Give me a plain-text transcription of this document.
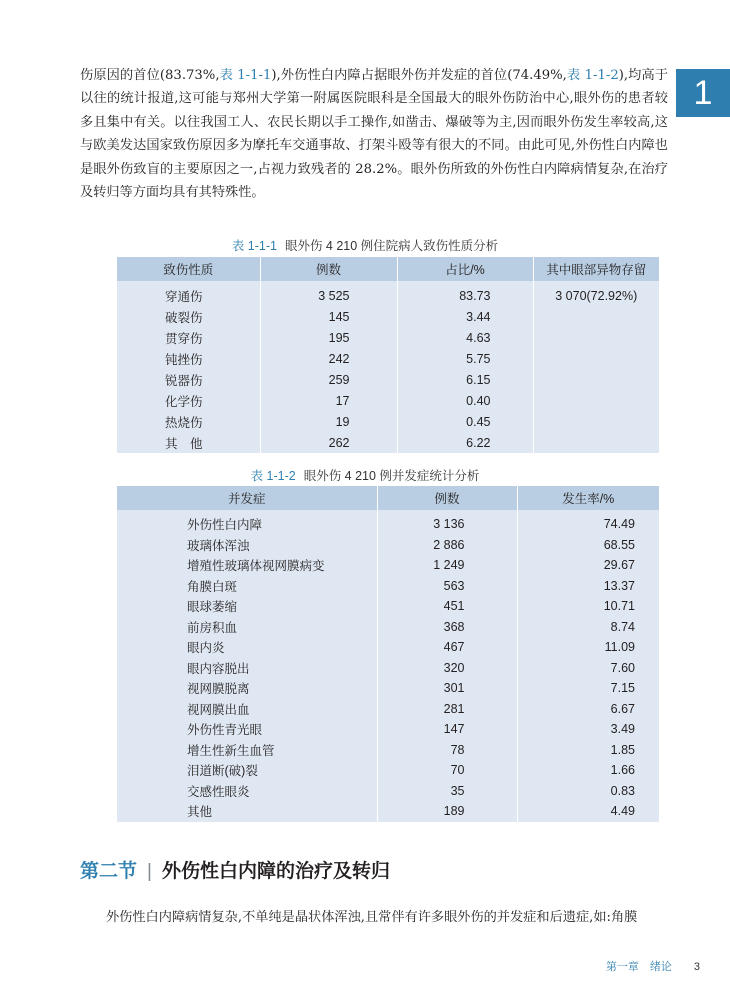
1

伤原因的首位(83.73%,表 1-1-1),外伤性白内障占据眼外伤并发症的首位(74.49%,表 1-1-2),均高于以往的统计报道,这可能与郑州大学第一附属医院眼科是全国最大的眼外伤防治中心,眼外伤的患者较多且集中有关。以往我国工人、农民长期以手工操作,如凿击、爆破等为主,因而眼外伤发生率较高,这与欧美发达国家致伤原因多为摩托车交通事故、打架斗殴等有很大的不同。由此可见,外伤性白内障也是眼外伤致盲的主要原因之一,占视力致残者的 28.2%。眼外伤所致的外伤性白内障病情复杂,在治疗及转归等方面均具有其特殊性。

表 1-1-1 眼外伤 4 210 例住院病人致伤性质分析
致伤性质	例数	占比/%	其中眼部异物存留
穿通伤	3 525	83.73	3 070(72.92%)
破裂伤	145	3.44	
贯穿伤	195	4.63	
钝挫伤	242	5.75	
锐器伤	259	6.15	
化学伤	17	0.40	
热烧伤	19	0.45	
其　他	262	6.22	
表 1-1-2 眼外伤 4 210 例并发症统计分析
并发症	例数	发生率/%
外伤性白内障	3 136	74.49
玻璃体浑浊	2 886	68.55
增殖性玻璃体视网膜病变	1 249	29.67
角膜白斑	563	13.37
眼球萎缩	451	10.71
前房积血	368	8.74
眼内炎	467	11.09
眼内容脱出	320	7.60
视网膜脱离	301	7.15
视网膜出血	281	6.67
外伤性青光眼	147	3.49
增生性新生血管	78	1.85
泪道断(破)裂	70	1.66
交感性眼炎	35	0.83
其他	189	4.49
第二节 | 外伤性白内障的治疗及转归
外伤性白内障病情复杂,不单纯是晶状体浑浊,且常伴有许多眼外伤的并发症和后遗症,如:角膜
第一章　绪论 3
